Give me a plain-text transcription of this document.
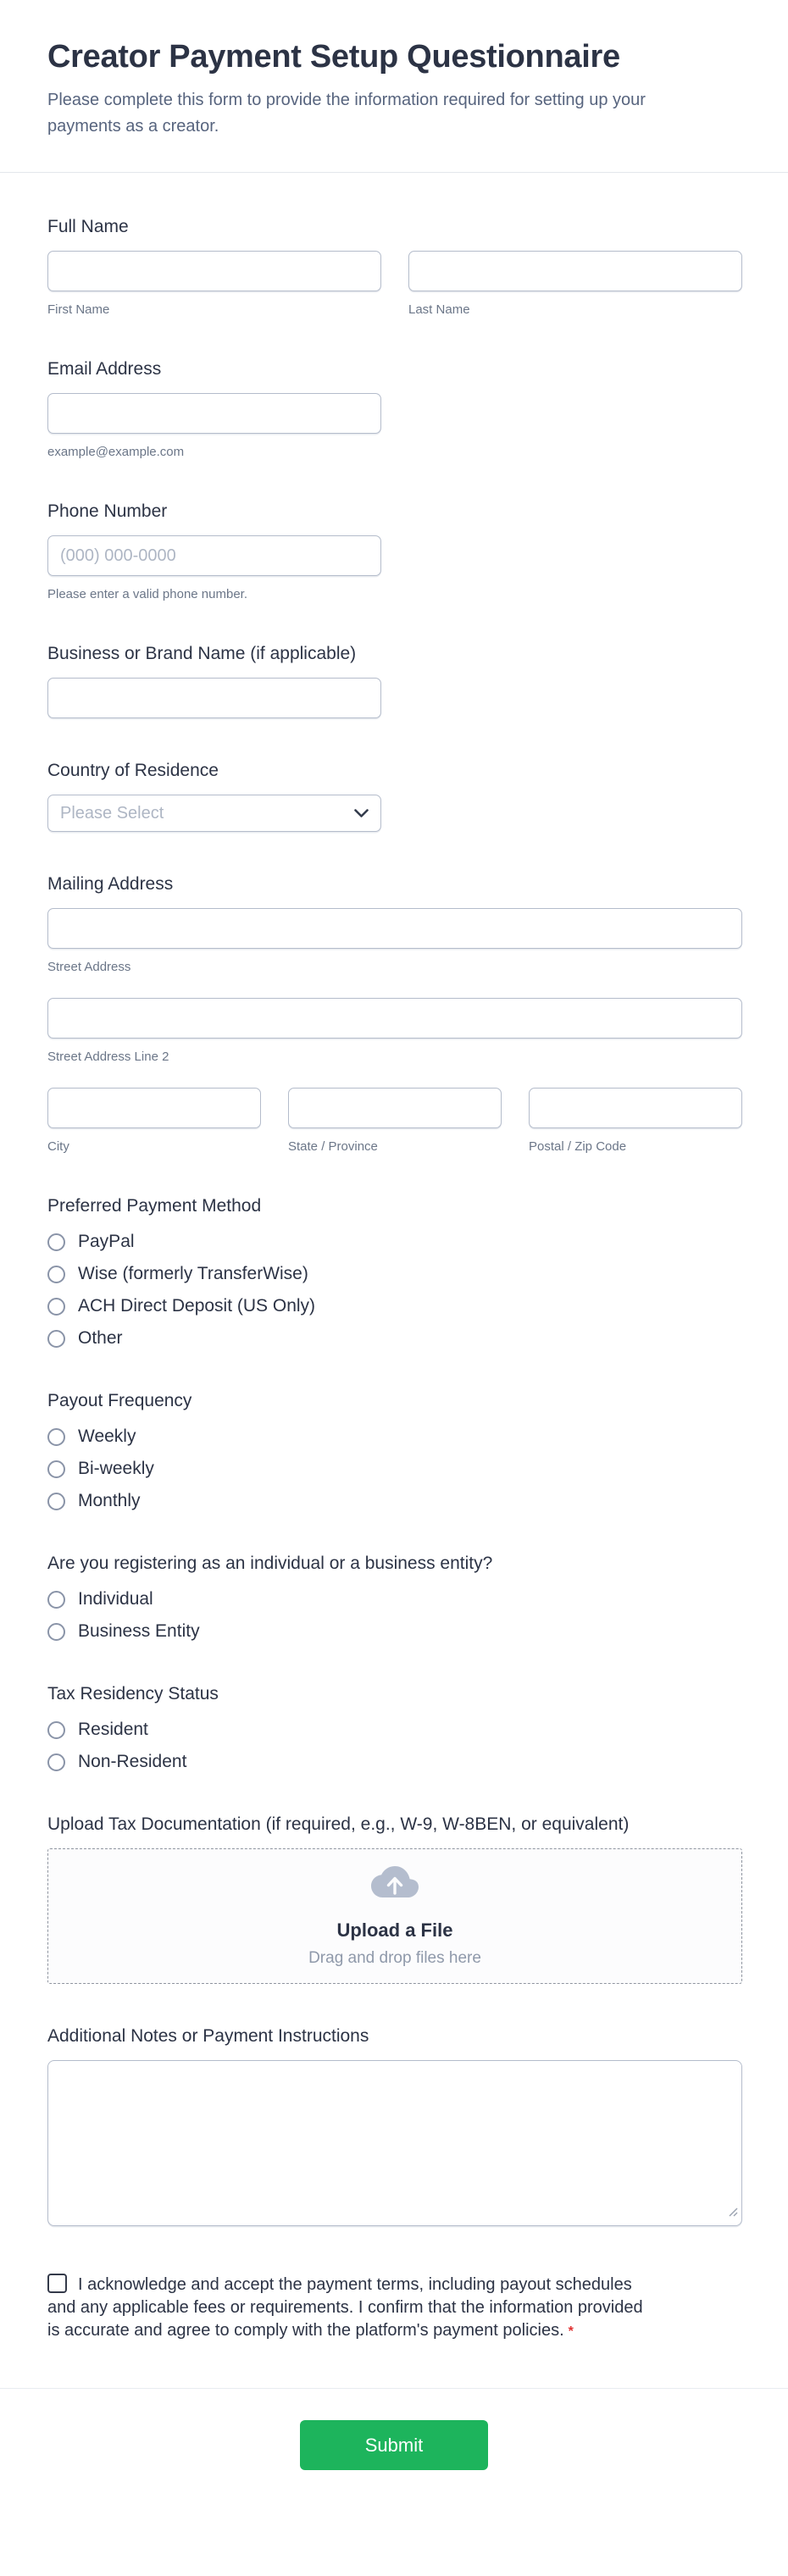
Creator Payment Setup Questionnaire

Please complete this form to provide the information required for setting up your payments as a creator.

Full Name
First Name	Last Name
Email Address
example@example.com
Phone Number
(000) 000-0000
Please enter a valid phone number.
Business or Brand Name (if applicable)
Country of Residence
Please Select
Mailing Address
Street Address
Street Address Line 2
City	State / Province	Postal / Zip Code
Preferred Payment Method
PayPal
Wise (formerly TransferWise)
ACH Direct Deposit (US Only)
Other
Payout Frequency
Weekly
Bi-weekly
Monthly
Are you registering as an individual or a business entity?
Individual
Business Entity
Tax Residency Status
Resident
Non-Resident
Upload Tax Documentation (if required, e.g., W-9, W-8BEN, or equivalent)
Upload a File
Drag and drop files here
Additional Notes or Payment Instructions
I acknowledge and accept the payment terms, including payout schedules and any applicable fees or requirements. I confirm that the information provided is accurate and agree to comply with the platform's payment policies. *
Submit
